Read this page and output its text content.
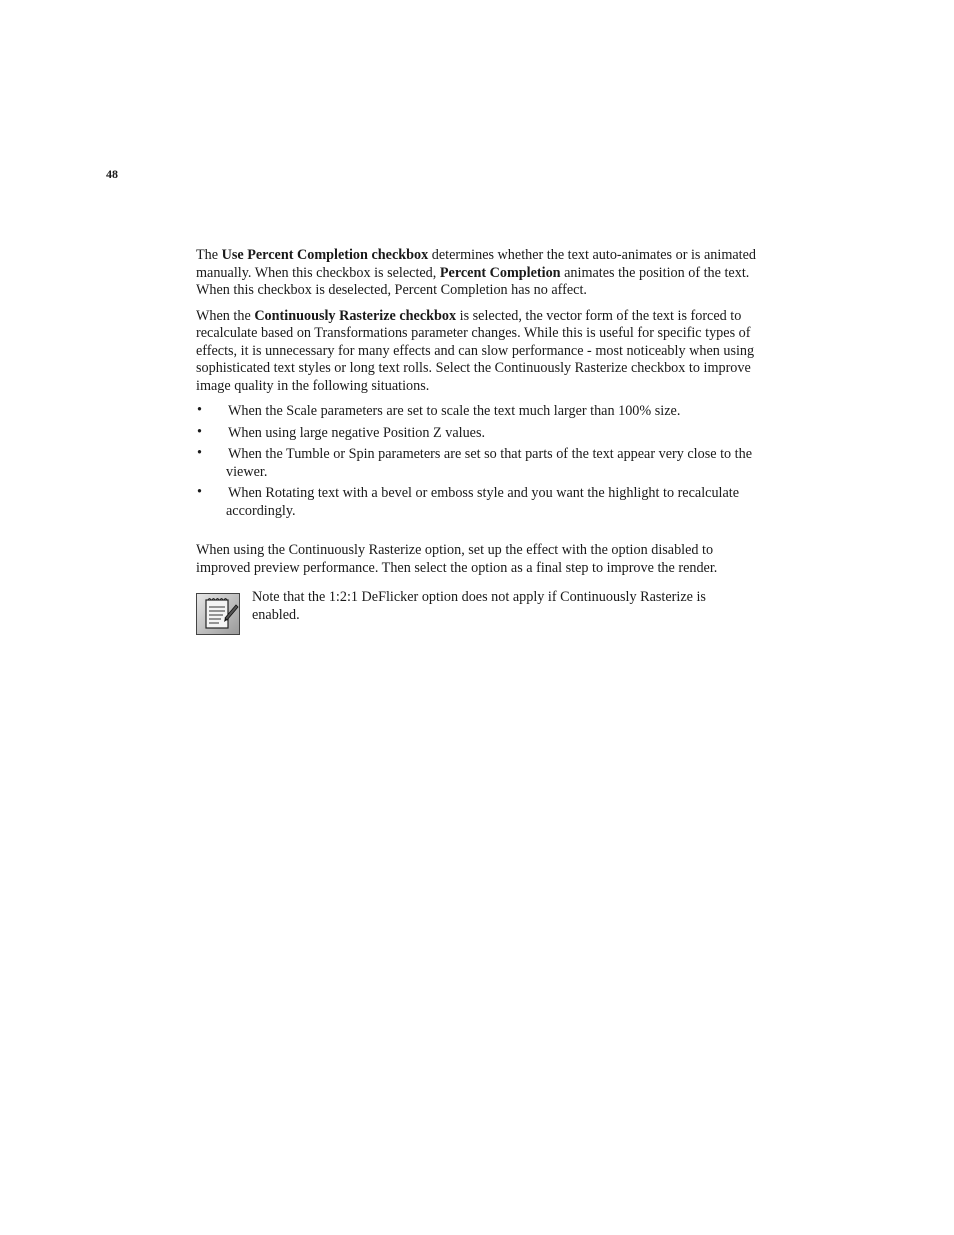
48

The Use Percent Completion checkbox determines whether the text auto-animates or is animated manually. When this checkbox is selected, Percent Completion animates the position of the text. When this checkbox is deselected, Percent Completion has no affect.

When the Continuously Rasterize checkbox is selected, the vector form of the text is forced to recalculate based on Transformations parameter changes. While this is useful for specific types of effects, it is unnecessary for many effects and can slow performance - most noticeably when using sophisticated text styles or long text rolls. Select the Continuously Rasterize checkbox to improve image quality in the following situations.

• When the Scale parameters are set to scale the text much larger than 100% size.
• When using large negative Position Z values.
• When the Tumble or Spin parameters are set so that parts of the text appear very close to the viewer.
• When Rotating text with a bevel or emboss style and you want the highlight to recalculate accordingly.

When using the Continuously Rasterize option, set up the effect with the option disabled to improved preview performance. Then select the option as a final step to improve the render.

Note that the 1:2:1 DeFlicker option does not apply if Continuously Rasterize is enabled.
